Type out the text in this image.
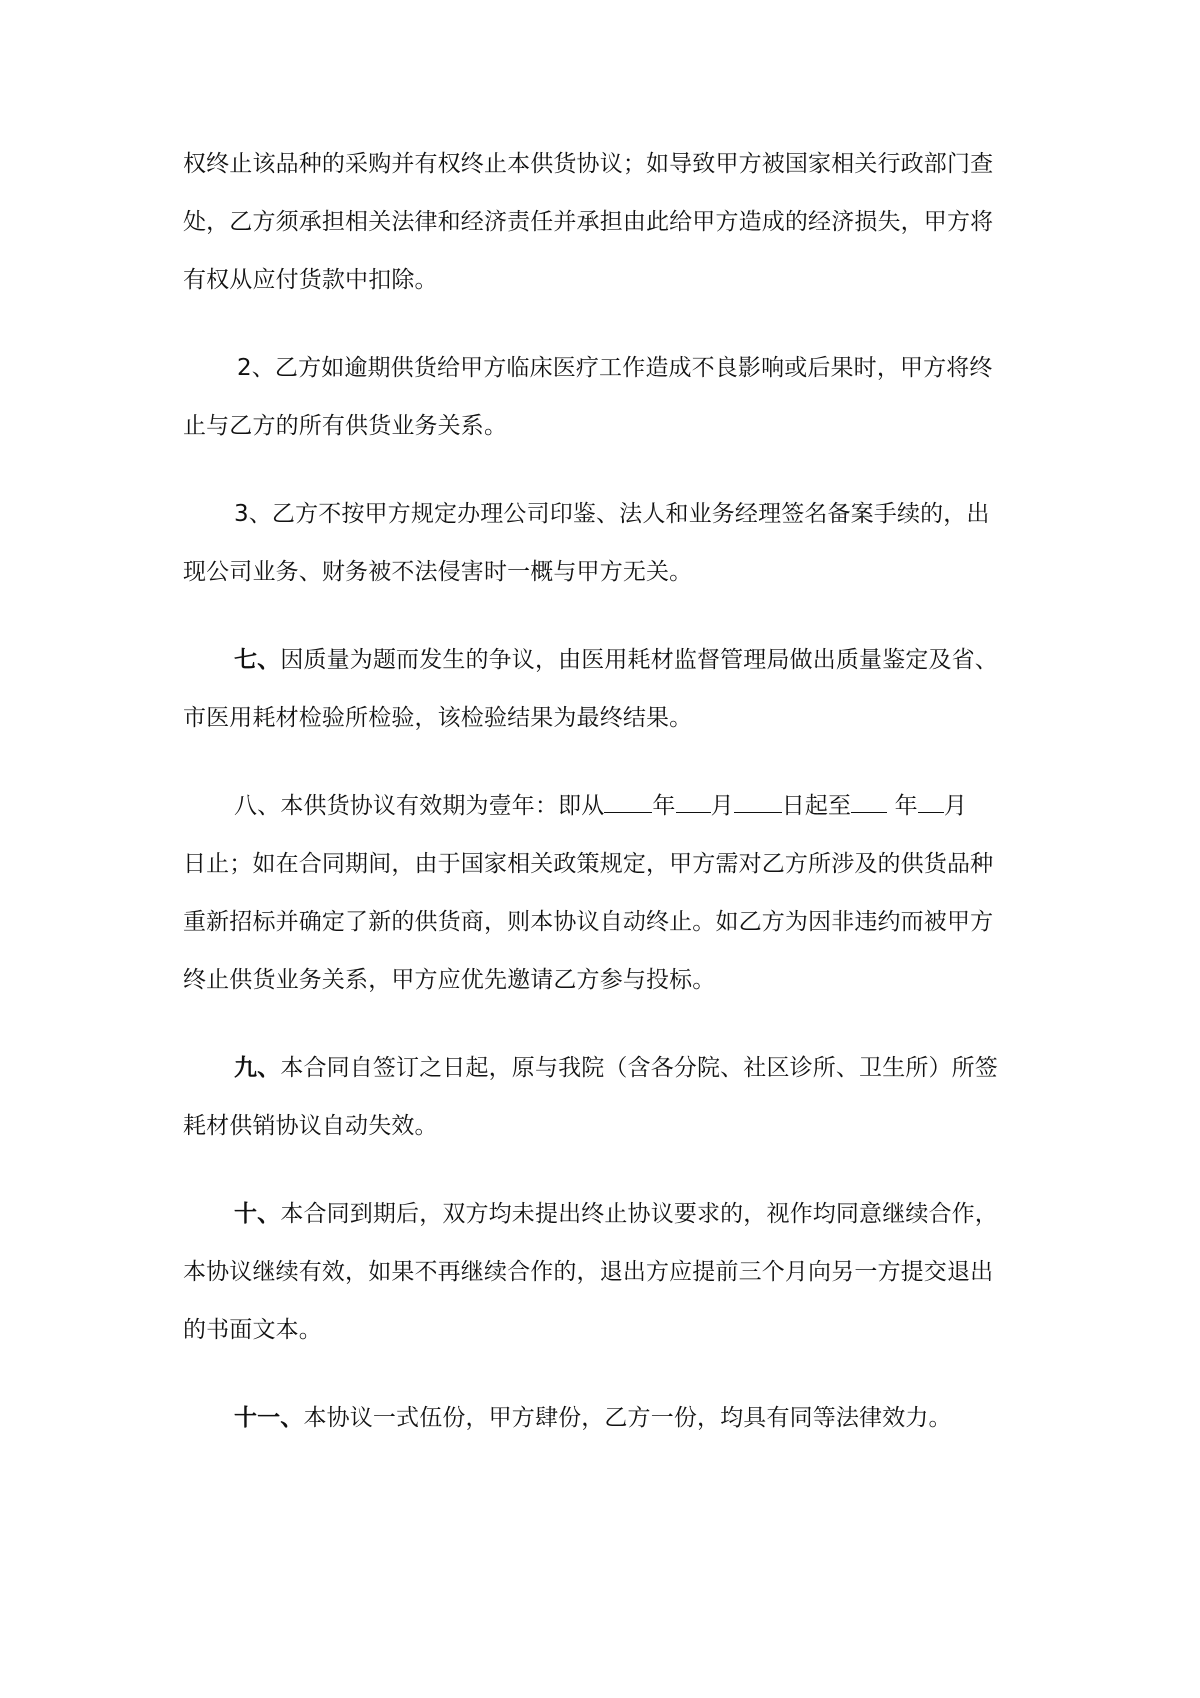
权终止该品种的采购并有权终止本供货协议；如导致甲方被国家相关行政部门查
处，乙方须承担相关法律和经济责任并承担由此给甲方造成的经济损失，甲方将
有权从应付货款中扣除。
2、乙方如逾期供货给甲方临床医疗工作造成不良影响或后果时，甲方将终
止与乙方的所有供货业务关系。
3、乙方不按甲方规定办理公司印鉴、法人和业务经理签名备案手续的，出
现公司业务、财务被不法侵害时一概与甲方无关。
七、因质量为题而发生的争议，由医用耗材监督管理局做出质量鉴定及省、
市医用耗材检验所检验，该检验结果为最终结果。
八、本供货协议有效期为壹年：即从 年 月 日起至 年 月
日止；如在合同期间，由于国家相关政策规定，甲方需对乙方所涉及的供货品种
重新招标并确定了新的供货商，则本协议自动终止。如乙方为因非违约而被甲方
终止供货业务关系，甲方应优先邀请乙方参与投标。
九、本合同自签订之日起，原与我院（含各分院、社区诊所、卫生所）所签
耗材供销协议自动失效。
十、本合同到期后，双方均未提出终止协议要求的，视作均同意继续合作，
本协议继续有效，如果不再继续合作的，退出方应提前三个月向另一方提交退出
的书面文本。
十一、本协议一式伍份，甲方肆份，乙方一份，均具有同等法律效力。
